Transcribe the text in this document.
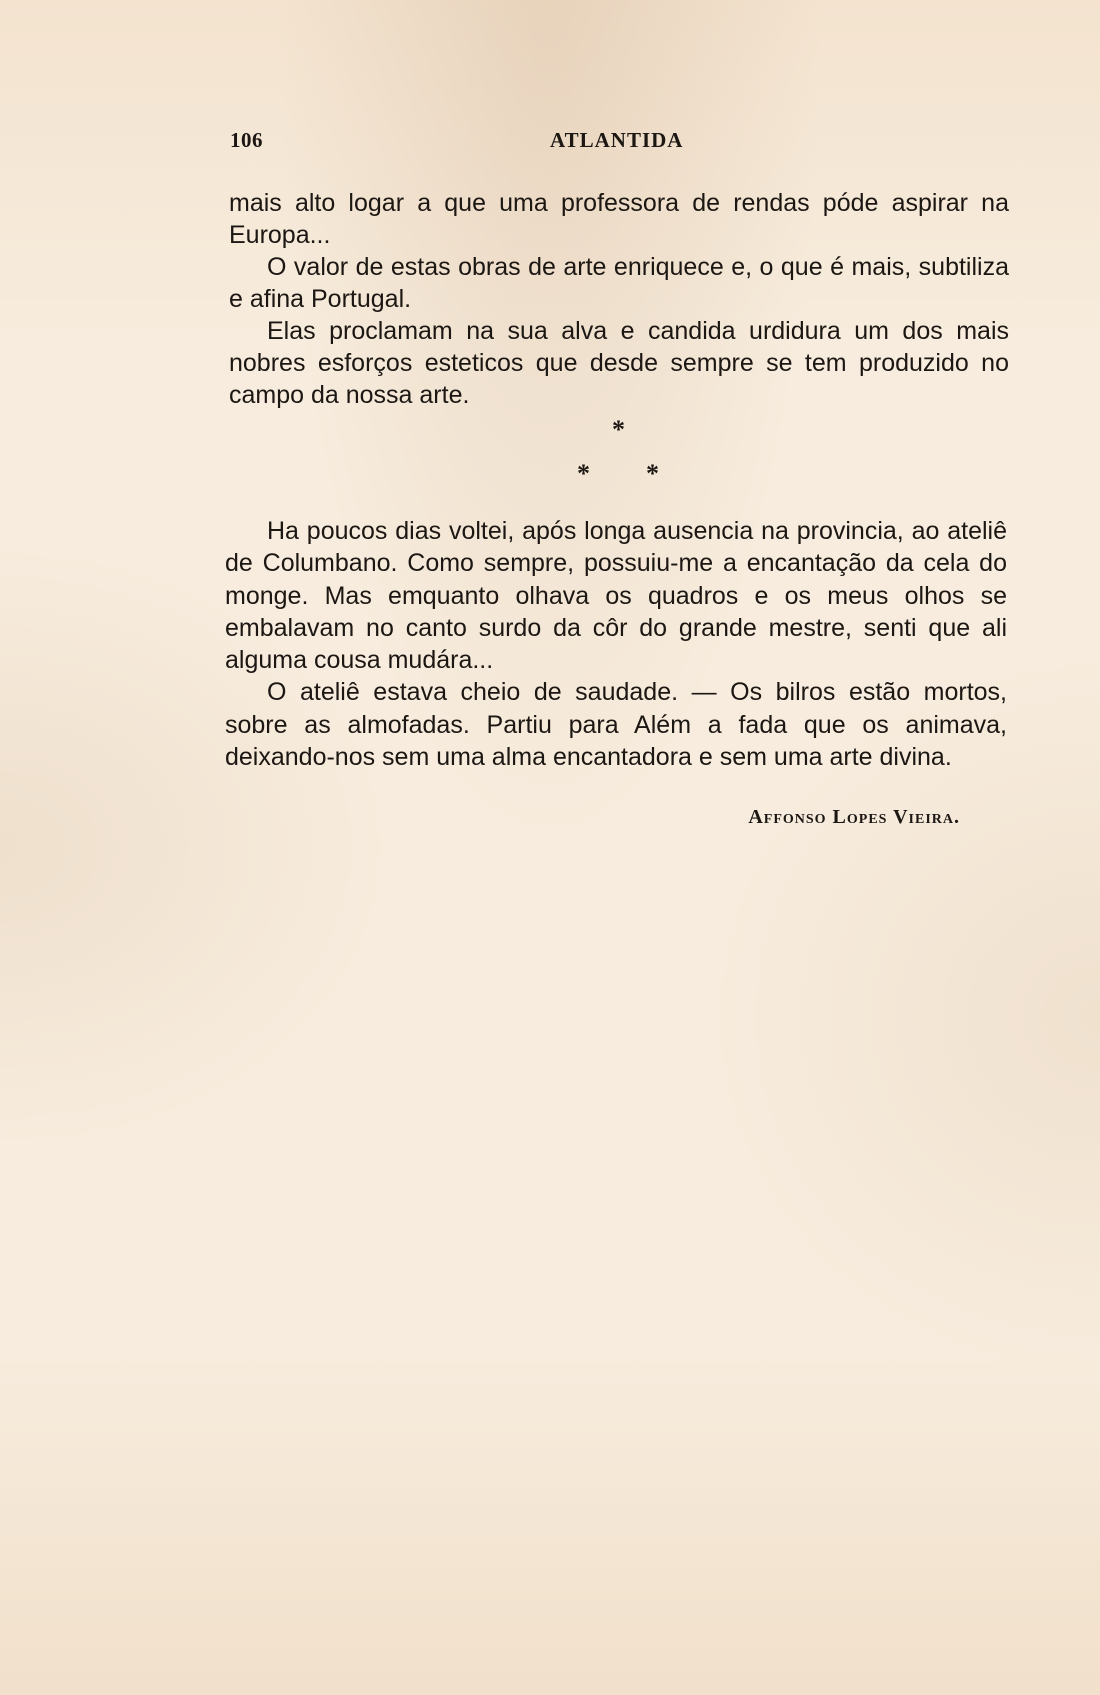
106	ATLANTIDA

mais alto logar a que uma professora de rendas póde aspirar na Europa...

O valor de estas obras de arte enriquece e, o que é mais, subtiliza e afina Portugal.

Elas proclamam na sua alva e candida urdidura um dos mais nobres esforços esteticos que desde sempre se tem produzido no campo da nossa arte.

*
* *

Ha poucos dias voltei, após longa ausencia na provincia, ao ateliê de Columbano. Como sempre, possuiu-me a encantação da cela do monge. Mas emquanto olhava os quadros e os meus olhos se embalavam no canto surdo da côr do grande mestre, senti que ali alguma cousa mudára...

O ateliê estava cheio de saudade. — Os bilros estão mortos, sobre as almofadas. Partiu para Além a fada que os animava, deixando-nos sem uma alma encantadora e sem uma arte divina.

Affonso Lopes Vieira.
